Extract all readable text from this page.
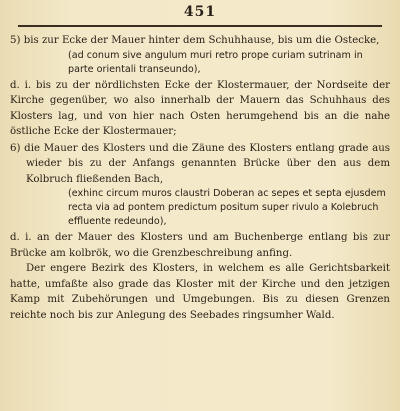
451

5) bis zur Ecke der Mauer hinter dem Schuhhause, bis um die Ostecke,

(ad conum sive angulum muri retro prope curiam sutrinam in parte orientali transeundo),

d. i. bis zu der nördlichsten Ecke der Klostermauer, der Nordseite der Kirche gegenüber, wo also innerhalb der Mauern das Schuhhaus des Klosters lag, und von hier nach Osten herumgehend bis an die nahe östliche Ecke der Klostermauer;

6) die Mauer des Klosters und die Zäune des Klosters entlang grade aus wieder bis zu der Anfangs genannten Brücke über den aus dem Kolbruch fließenden Bach,

(exhinc circum muros claustri Doberan ac sepes et septa ejusdem recta via ad pontem predictum positum super rivulo a Kolebruch effluente redeundo),

d. i. an der Mauer des Klosters und am Buchenberge entlang bis zur Brücke am kolbrök, wo die Grenzbeschreibung anfing.

Der engere Bezirk des Klosters, in welchem es alle Gerichtsbarkeit hatte, umfaßte also grade das Kloster mit der Kirche und den jetzigen Kamp mit Zubehörungen und Umgebungen. Bis zu diesen Grenzen reichte noch bis zur Anlegung des Seebades ringsumher Wald.
